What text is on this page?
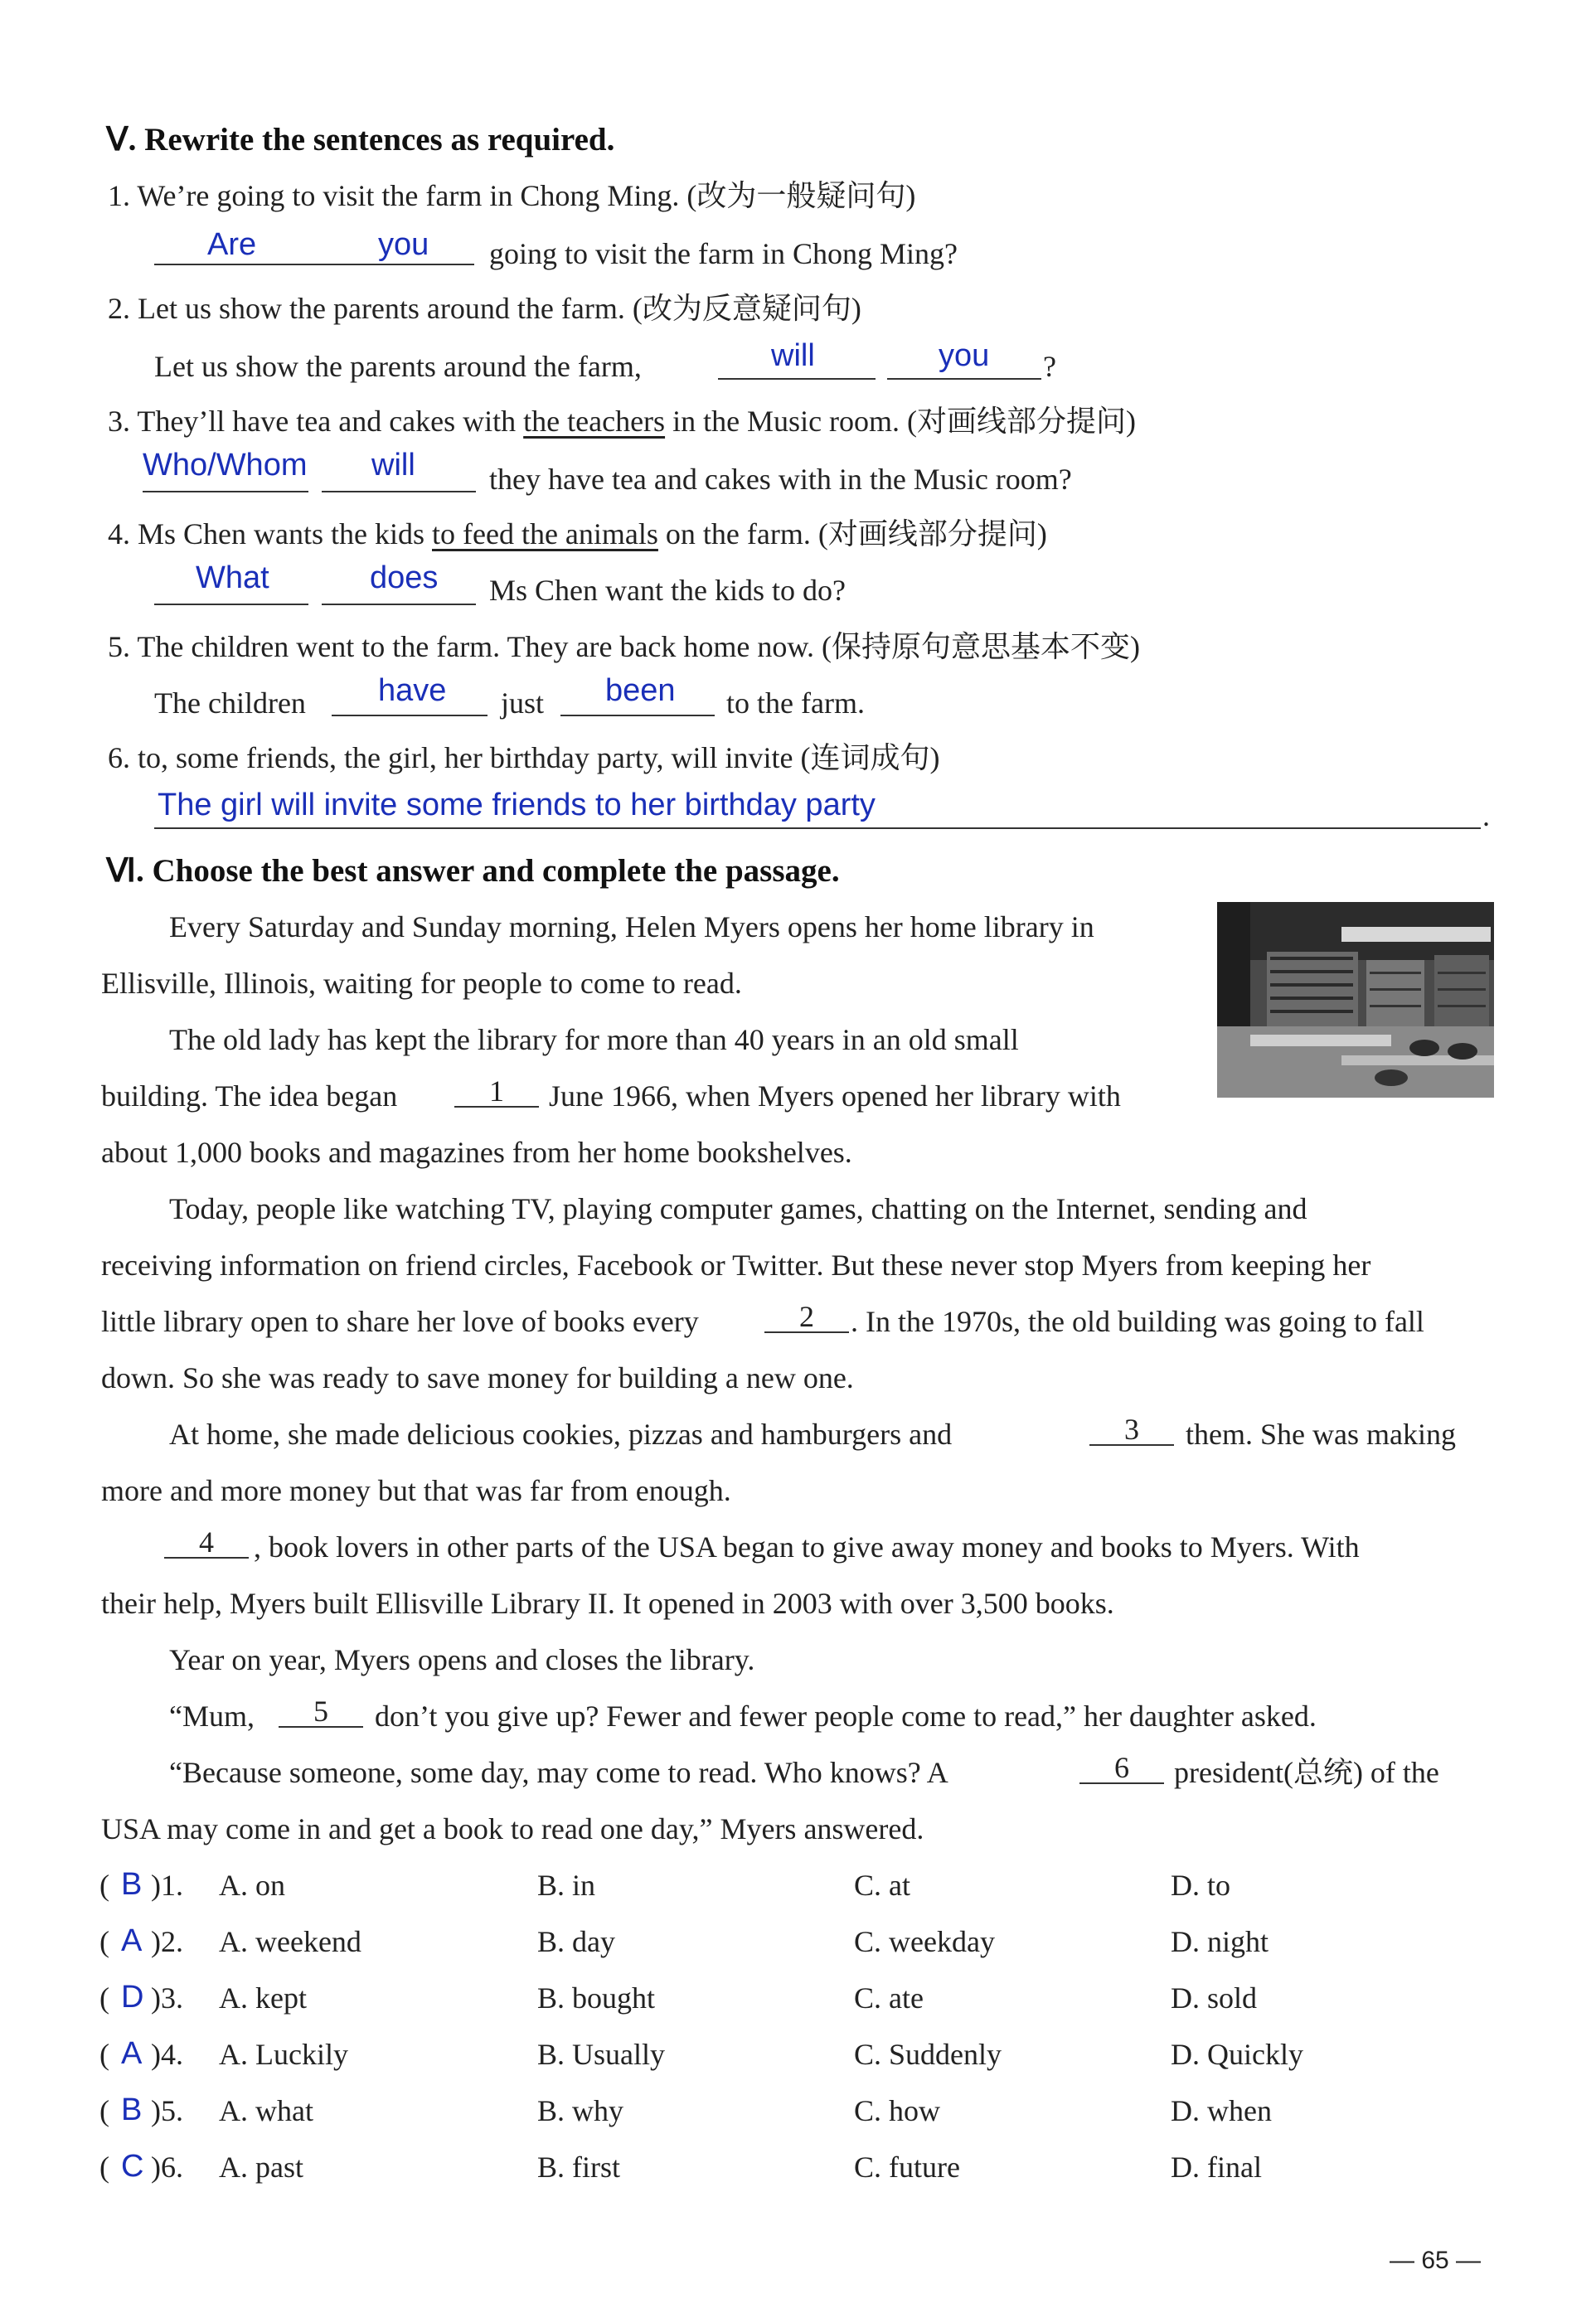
Ⅴ. Rewrite the sentences as required.
1. We’re going to visit the farm in Chong Ming. (改为一般疑问句)
Are	you going to visit the farm in Chong Ming?
2. Let us show the parents around the farm. (改为反意疑问句)
Let us show the parents around the farm,	will	you ?
3. They’ll have tea and cakes with the teachers in the Music room. (对画线部分提问)
Who/Whom will they have tea and cakes with in the Music room?
4. Ms Chen wants the kids to feed the animals on the farm. (对画线部分提问)
What	does Ms Chen want the kids to do?
5. The children went to the farm. They are back home now. (保持原句意思基本不变)
The children have just been to the farm.
6. to, some friends, the girl, her birthday party, will invite (连词成句)
The girl will invite some friends to her birthday party	.
Ⅵ. Choose the best answer and complete the passage.
Every Saturday and Sunday morning, Helen Myers opens her home library in
Ellisville, Illinois, waiting for people to come to read.
The old lady has kept the library for more than 40 years in an old small
building. The idea began	1	June 1966, when Myers opened her library with
about 1,000 books and magazines from her home bookshelves.
Today, people like watching TV, playing computer games, chatting on the Internet, sending and
receiving information on friend circles, Facebook or Twitter. But these never stop Myers from keeping her
little library open to share her love of books every	2	. In the 1970s, the old building was going to fall
down. So she was ready to save money for building a new one.
At home, she made delicious cookies, pizzas and hamburgers and	3	them. She was making
more and more money but that was far from enough.
4	, book lovers in other parts of the USA began to give away money and books to Myers. With
their help, Myers built Ellisville Library II. It opened in 2003 with over 3,500 books.
Year on year, Myers opens and closes the library.
“Mum,	5	don’t you give up? Fewer and fewer people come to read,” her daughter asked.
“Because someone, some day, may come to read. Who knows? A	6	president(总统) of the
USA may come in and get a book to read one day,” Myers answered.
( B )1. A. on	B. in	C. at	D. to
( A )2. A. weekend	B. day	C. weekday	D. night
( D )3. A. kept	B. bought	C. ate	D. sold
( A )4. A. Luckily	B. Usually	C. Suddenly	D. Quickly
( B )5. A. what	B. why	C. how	D. when
( C )6. A. past	B. first	C. future	D. final
— 65 —
